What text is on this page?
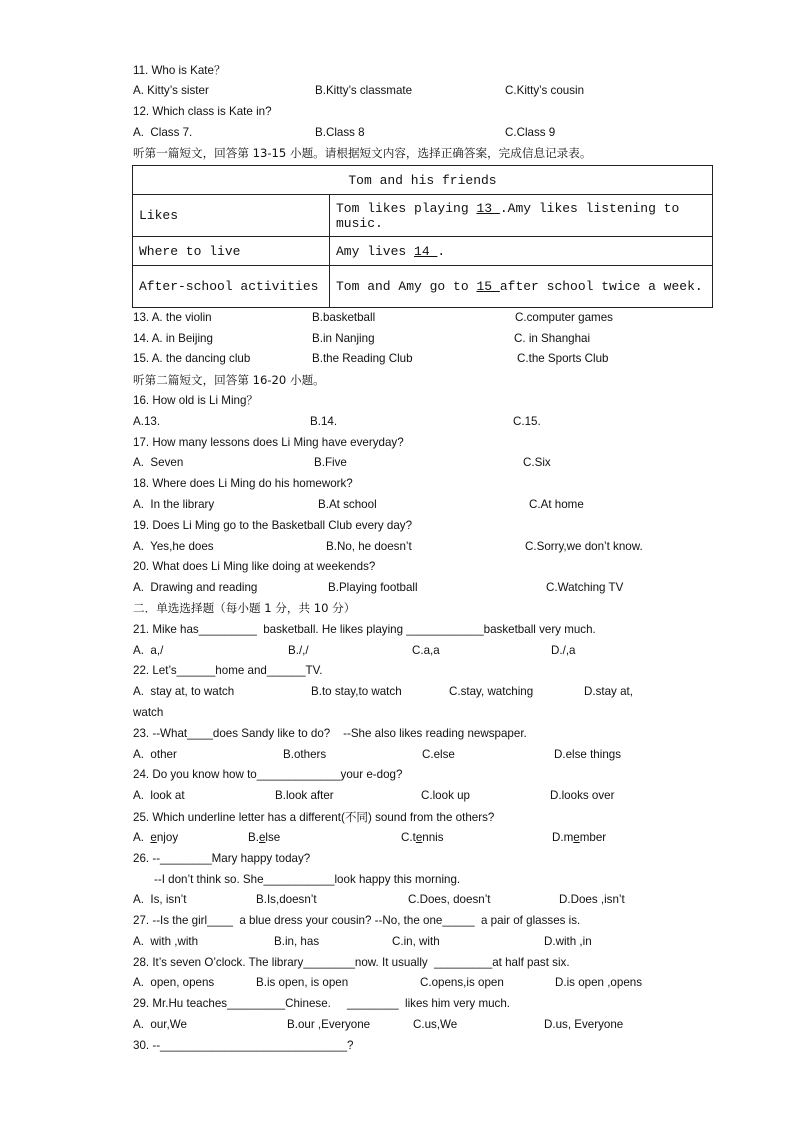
11. Who is Kate？
A. Kitty’s sister	B.Kitty’s classmate	C.Kitty’s cousin
12. Which class is Kate in?
A.  Class 7.	B.Class 8	C.Class 9
听第一篇短文，回答第 13-15 小题。请根据短文内容，选择正确答案，完成信息记录表。
Tom and his friends	
Likes	Tom likes playing 13 .Amy likes listening to music.
Where to live	Amy lives 14 .
After-school activities	Tom and Amy go to 15 after school twice a week.
13. A. the violin	B.basketball	C.computer games
14. A. in Beijing	B.in Nanjing	C. in Shanghai
15. A. the dancing club	B.the Reading Club	C.the Sports Club
听第二篇短文，回答第 16-20 小题。
16. How old is Li Ming？
A.13.	B.14.	C.15.
17. How many lessons does Li Ming have everyday?
A.  Seven	B.Five	C.Six
18. Where does Li Ming do his homework?
A.  In the library	B.At school	C.At home
19. Does Li Ming go to the Basketball Club every day?
A.  Yes,he does	B.No, he doesn’t	C.Sorry,we don’t know.
20. What does Li Ming like doing at weekends?
A.  Drawing and reading	B.Playing football	C.Watching TV
二．单选选择题（每小题 1 分，共 10 分）
21. Mike has_________  basketball. He likes playing ____________basketball very much.
A.  a,/	B./,/	C.a,a	D./,a
22. Let’s______home and______TV.
A.  stay at, to watch	B.to stay,to watch	C.stay, watching	D.stay at,
watch
23. --What____does Sandy like to do?    --She also likes reading newspaper.
A.  other	B.others	C.else	D.else things
24. Do you know how to_____________your e-dog?
A.  look at	B.look after	C.look up	D.looks over
25. Which underline letter has a different(不同) sound from the others?
A.  enjoy	B.else	C.tennis	D.member
26. --________Mary happy today?
--I don’t think so. She___________look happy this morning.
A.  Is, isn’t	B.Is,doesn’t	C.Does, doesn’t	D.Does ,isn’t
27. --Is the girl____  a blue dress your cousin? --No, the one_____  a pair of glasses is.
A.  with ,with	B.in, has	C.in, with	D.with ,in
28. It’s seven O’clock. The library________now. It usually  _________at half past six.
A.  open, opens	B.is open, is open	C.opens,is open	D.is open ,opens
29. Mr.Hu teaches_________Chinese.     ________  likes him very much.
A.  our,We	B.our ,Everyone	C.us,We	D.us, Everyone
30. --_____________________________?
